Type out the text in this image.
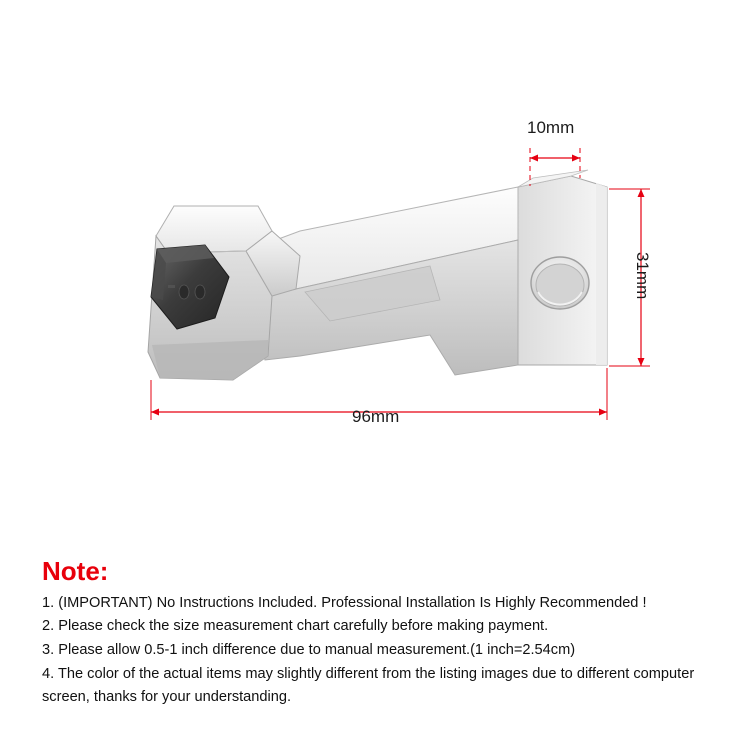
10mm
96mm
31mm
Note:
1. (IMPORTANT) No Instructions Included. Professional Installation Is Highly Recommended !
2. Please check the size measurement chart carefully before making payment.
3. Please allow 0.5-1 inch difference due to manual measurement.(1 inch=2.54cm)
4. The color of the actual items may slightly different from the listing images due to different computer screen, thanks for your understanding.
